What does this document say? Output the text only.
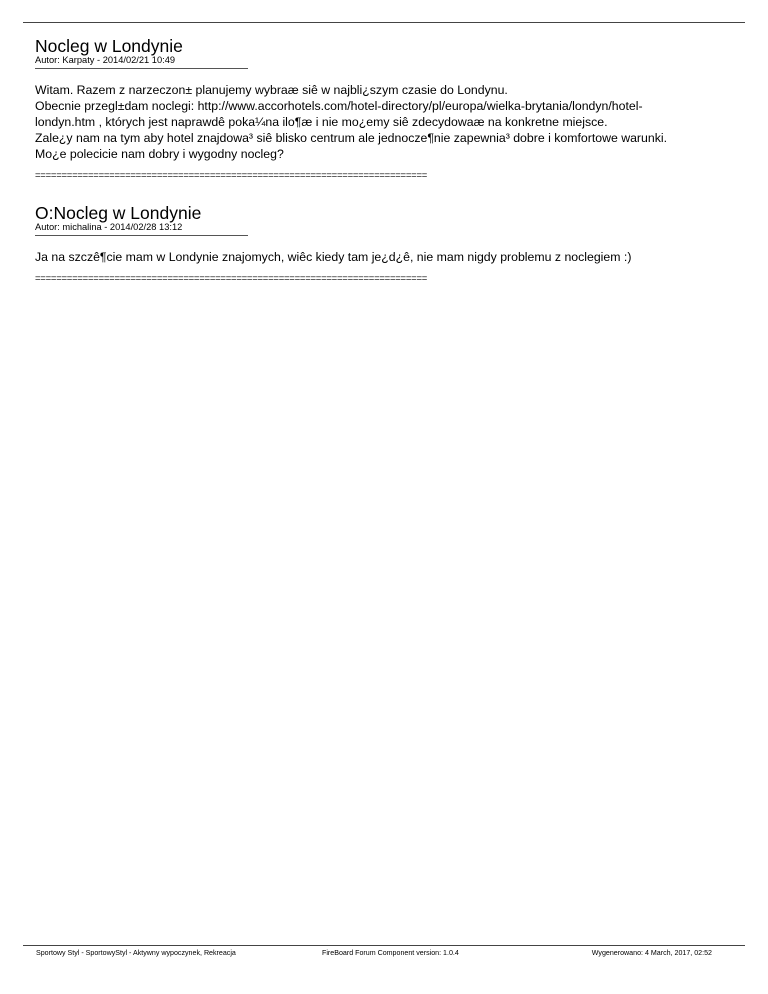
Nocleg w Londynie
Autor: Karpaty - 2014/02/21 10:49

Witam. Razem z narzeczon± planujemy wybraæ siê w najbli¿szym czasie do Londynu.

Obecnie przegl±dam noclegi: http://www.accorhotels.com/hotel-directory/pl/europa/wielka-brytania/londyn/hotel-

londyn.htm , których jest naprawdê poka¼na ilo¶æ i nie mo¿emy siê zdecydowaæ na konkretne miejsce.

Zale¿y nam na tym aby hotel znajdowa³ siê blisko centrum ale jednocze¶nie zapewnia³ dobre i komfortowe warunki.

Mo¿e polecicie nam dobry i wygodny nocleg?

==========================================================================
O:Nocleg w Londynie
Autor: michalina - 2014/02/28 13:12

Ja na szczê¶cie mam w Londynie znajomych, wiêc kiedy tam je¿d¿ê, nie mam nigdy problemu z noclegiem :)

==========================================================================
Sportowy Styl - SportowyStyl - Aktywny wypoczynek, Rekreacja	FireBoard Forum Component version: 1.0.4	Wygenerowano: 4 March, 2017, 02:52
